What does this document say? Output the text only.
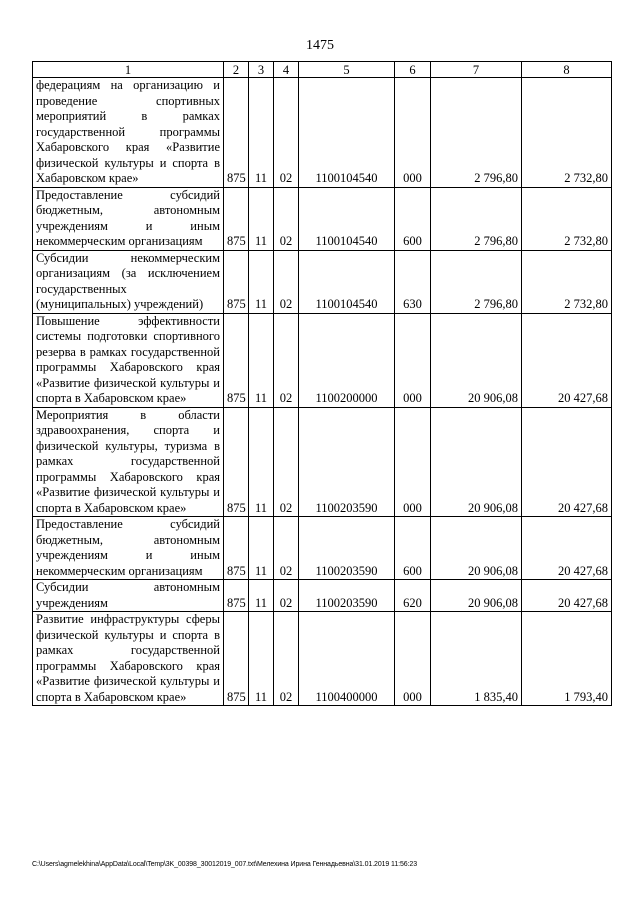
1475
1	2	3	4	5	6	7	8
федерациям на организацию и проведение спортивных мероприятий в рамках государственной программы Хабаровского края «Развитие физической культуры и спорта в Хабаровском крае»	875	11	02	1100104540	000	2 796,80	2 732,80
Предоставление субсидий бюджетным, автономным учреждениям и иным некоммерческим организациям	875	11	02	1100104540	600	2 796,80	2 732,80
Субсидии некоммерческим организациям (за исключением государственных (муниципальных) учреждений)	875	11	02	1100104540	630	2 796,80	2 732,80
Повышение эффективности системы подготовки спортивного резерва в рамках государственной программы Хабаровского края «Развитие физической культуры и спорта в Хабаровском крае»	875	11	02	1100200000	000	20 906,08	20 427,68
Мероприятия в области здравоохранения, спорта и физической культуры, туризма в рамках государственной программы Хабаровского края «Развитие физической культуры и спорта в Хабаровском крае»	875	11	02	1100203590	000	20 906,08	20 427,68
Предоставление субсидий бюджетным, автономным учреждениям и иным некоммерческим организациям	875	11	02	1100203590	600	20 906,08	20 427,68
Субсидии автономным учреждениям	875	11	02	1100203590	620	20 906,08	20 427,68
Развитие инфраструктуры сферы физической культуры и спорта в рамках государственной программы Хабаровского края «Развитие физической культуры и спорта в Хабаровском крае»	875	11	02	1100400000	000	1 835,40	1 793,40
C:\Users\agmelekhina\AppData\Local\Temp\3K_00398_30012019_007.txt\Мелехина Ирина Геннадьевна\31.01.2019 11:56:23
